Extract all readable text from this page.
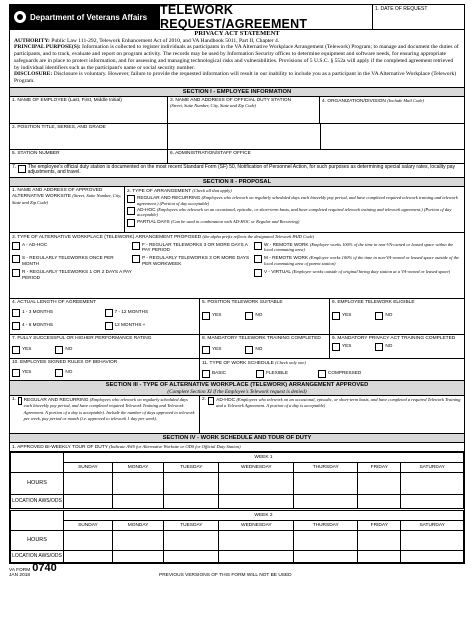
Department of Veterans Affairs TELEWORK REQUEST/AGREEMENT
1. DATE OF REQUEST
PRIVACY ACT STATEMENT
AUTHORITY: Public Law 111-292, Telework Enhancement Act of 2010, and VA Handbook 5011, Part II, Chapter 4.
PRINCIPAL PURPOSE(S): Information is collected to register individuals as participants in the VA Alternative Workplace Arrangement (Telework) Program; to manage and document the duties of participants, and to track, evaluate and report on program activity. The records may be used by Information Security offices to determine equipment and software needs, for ensuring appropriate safeguards are in place to protect information, and for assessing and managing technological risks and vulnerabilities. Provisions of 5 U.S.C. § 552a will apply if the completed agreement retrieved by individual identifiers such as the participant's name or social security number.
DISCLOSURE: Disclosure is voluntary. However, failure to provide the requested information will result in our inability to include you as a participant in the VA Alternative Workplace (Telework) Program.
SECTION I - EMPLOYEE INFORMATION
1. NAME OF EMPLOYEE (Last, First, Middle Initial)	3. NAME AND ADDRESS OF OFFICIAL DUTY STATION
(Street, Suite Number, City, State and Zip Code)
4. ORGANIZATION/DIVISION (Include Mail Code)
2. POSITION TITLE, SERIES, AND GRADE
5. STATION NUMBER	6. ADMINISTRATION/STAFF OFFICE
7. The employee's official duty station is documented on the most recent Standard Form (SF) 50, Notification of Personnel Action, for such purposes as determining special salary rates, locality pay adjustments, and travel.
SECTION II - PROPOSAL
1. NAME AND ADDRESS OF APPROVED ALTERNATIVE WORKSITE (Street, Suite Number, City, State and Zip Code)
2. TYPE OF ARRANGEMENT (Check all that apply)
REGULAR AND RECURRING (Employees who telework on regularly scheduled days each biweekly pay period, and have completed required telework training and telework agreement.) (Portion of day acceptable)
AD-HOC (Employees who telework on an occasional, episodic, or short-term basis, and have completed required telework training and telework agreement.) (Portion of day acceptable)
PARTIAL DAYS (Can be used in combination with AD-HOC or Regular and Recurring)
3. TYPE OF ALTERNATIVE WORKPLACE (TELEWORK) ARRANGEMENT PROPOSED (the alpha prefix reflects the designated Telework PAID Code)
A - AD-HOC	F - REGULAR TELEWORKS 3 OR MORE DAYS A PAY PERIOD
W - REMOTE WORK (Employee works 100% of the time in non-VA-owned or leased space within the local commuting area)
S - REGULARLY TELEWORKS ONCE PER MONTH
P - REGULARLY TELEWORKS 3 OR MORE DAYS PER WORKWEEK
M - REMOTE WORK (Employee works 100% of the time in non-VA-owned or leased space outside of the local commuting area of parent station)
R - REGULARLY TELEWORKS 1 OR 2 DAYS A PAY PERIOD
V - VIRTUAL (Employee works outside of original hiring duty station at a VA-owned or leased space)
4. ACTUAL LENGTH OF AGREEMENT
1 - 3 MONTHS	7 - 12 MONTHS
4 - 6 MONTHS	12 MONTHS +
5. POSITION TELEWORK SUITABLE
YES	NO
6. EMPLOYEE TELEWORK ELIGIBLE
YES	NO
7. FULLY SUCCESSFUL OR HIGHER PERFORMANCE RATING
YES	NO
8. MANDATORY TELEWORK TRAINING COMPLETED
YES	NO
9. MANDATORY PRIVACY ACT TRAINING COMPLETED
YES	NO
10. EMPLOYEE SIGNED RULES OF BEHAVIOR
YES	NO
11. TYPE OF WORK SCHEDULE (Check only one)
BASIC	FLEXIBLE	COMPRESSED
SECTION III - TYPE OF ALTERNATIVE WORKPLACE (TELEWORK) ARRANGEMENT APPROVED
(Complete Section XI if the Employee's Telework request is denied)
1. REGULAR AND RECURRING (Employees who telework on regularly scheduled days each biweekly pay period, and have completed required Telework Training and Telework Agreement. A portion of a day is acceptable). Include the number of days approved to telework per week, pay period or month (i.e. approved to telework 1 day per week).
2. AD-HOC (Employees who telework on an occasional, episodic, or short-term basis, and have completed a required Telework Training and a Telework Agreement. A portion of a day is acceptable)
SECTION IV - WORK SCHEDULE AND TOUR OF DUTY
1. APPROVED BI-WEEKLY TOUR OF DUTY (Indicate AWS for Alternative Worksite or ODS for Official Duty Station)
	WEEK 1						
	SUNDAY	MONDAY	TUESDAY	WEDNESDAY	THURSDAY	FRIDAY	SATURDAY
HOURS							
LOCATION AWS/ODS							
	WEEK 2						
	SUNDAY	MONDAY	TUESDAY	WEDNESDAY	THURSDAY	FRIDAY	SATURDAY
HOURS							
LOCATION AWS/ODS							
VA FORM 0740
JAN 2018	PREVIOUS VERSIONS OF THIS FORM WILL NOT BE USED
